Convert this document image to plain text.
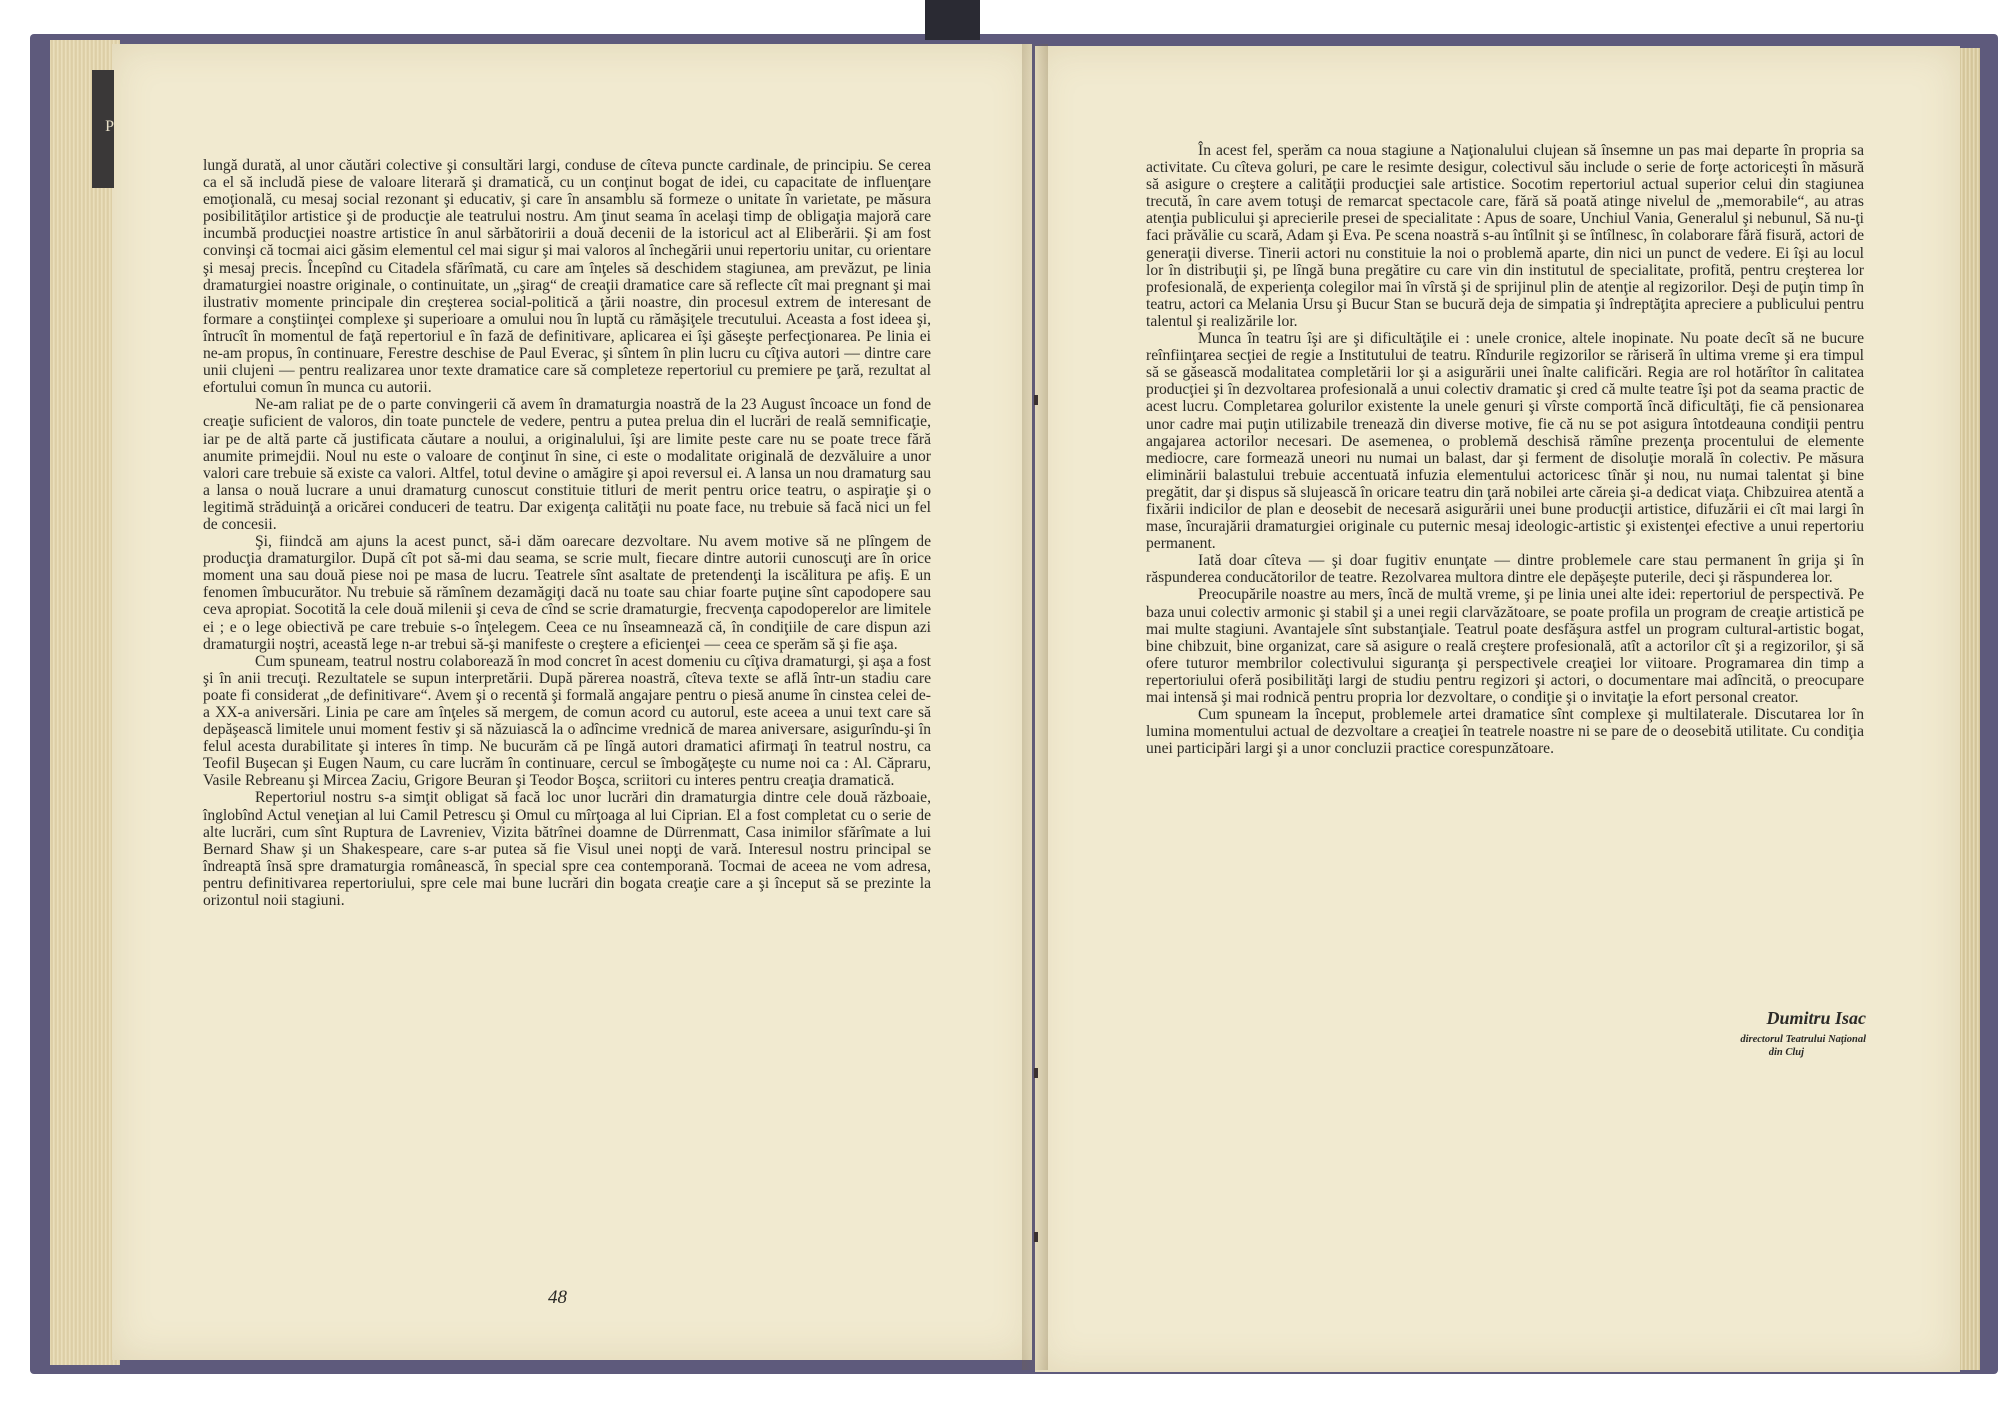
P

lungă durată, al unor căutări colective şi consultări largi, conduse de cîteva puncte cardinale, de principiu. Se cerea ca el să includă piese de valoare literară şi dramatică, cu un conţinut bogat de idei, cu capacitate de influenţare emoţională, cu mesaj social rezonant şi educativ, şi care în ansamblu să formeze o unitate în varietate, pe măsura posibilităţilor artistice şi de producţie ale teatrului nostru. Am ţinut seama în acelaşi timp de obligaţia majoră care incumbă producţiei noastre artistice în anul sărbătoririi a două decenii de la istoricul act al Eliberării. Şi am fost convinşi că tocmai aici găsim elementul cel mai sigur şi mai valoros al închegării unui repertoriu unitar, cu orientare şi mesaj precis. Începînd cu Citadela sfărîmată, cu care am înţeles să deschidem stagiunea, am prevăzut, pe linia dramaturgiei noastre originale, o continuitate, un „şirag“ de creaţii dramatice care să reflecte cît mai pregnant şi mai ilustrativ momente principale din creşterea social-politică a ţării noastre, din procesul extrem de interesant de formare a conştiinţei complexe şi superioare a omului nou în luptă cu rămăşiţele trecutului. Aceasta a fost ideea şi, întrucît în momentul de faţă repertoriul e în fază de definitivare, aplicarea ei îşi găseşte perfecţionarea. Pe linia ei ne-am propus, în continuare, Ferestre deschise de Paul Everac, şi sîntem în plin lucru cu cîţiva autori — dintre care unii clujeni — pentru realizarea unor texte dramatice care să completeze repertoriul cu premiere pe ţară, rezultat al efortului comun în munca cu autorii.

Ne-am raliat pe de o parte convingerii că avem în dramaturgia noastră de la 23 August încoace un fond de creaţie suficient de valoros, din toate punctele de vedere, pentru a putea prelua din el lucrări de reală semnificaţie, iar pe de altă parte că justificata căutare a noului, a originalului, îşi are limite peste care nu se poate trece fără anumite primejdii. Noul nu este o valoare de conţinut în sine, ci este o modalitate originală de dezvăluire a unor valori care trebuie să existe ca valori. Altfel, totul devine o amăgire şi apoi reversul ei. A lansa un nou dramaturg sau a lansa o nouă lucrare a unui dramaturg cunoscut constituie titluri de merit pentru orice teatru, o aspiraţie şi o legitimă străduinţă a oricărei conduceri de teatru. Dar exigenţa calităţii nu poate face, nu trebuie să facă nici un fel de concesii.

Şi, fiindcă am ajuns la acest punct, să-i dăm oarecare dezvoltare. Nu avem motive să ne plîngem de producţia dramaturgilor. După cît pot să-mi dau seama, se scrie mult, fiecare dintre autorii cunoscuţi are în orice moment una sau două piese noi pe masa de lucru. Teatrele sînt asaltate de pretendenţi la iscălitura pe afiş. E un fenomen îmbucurător. Nu trebuie să rămînem dezamăgiţi dacă nu toate sau chiar foarte puţine sînt capodopere sau ceva apropiat. Socotită la cele două milenii şi ceva de cînd se scrie dramaturgie, frecvenţa capodoperelor are limitele ei ; e o lege obiectivă pe care trebuie s-o înţelegem. Ceea ce nu înseamnează că, în condiţiile de care dispun azi dramaturgii noştri, această lege n-ar trebui să-şi manifeste o creştere a eficienţei — ceea ce sperăm să şi fie aşa.

Cum spuneam, teatrul nostru colaborează în mod concret în acest domeniu cu cîţiva dramaturgi, şi aşa a fost şi în anii trecuţi. Rezultatele se supun interpretării. După părerea noastră, cîteva texte se află într-un stadiu care poate fi considerat „de definitivare“. Avem şi o recentă şi formală angajare pentru o piesă anume în cinstea celei de-a XX-a aniversări. Linia pe care am înţeles să mergem, de comun acord cu autorul, este aceea a unui text care să depăşească limitele unui moment festiv şi să năzuiască la o adîncime vrednică de marea aniversare, asigurîndu-şi în felul acesta durabilitate şi interes în timp. Ne bucurăm că pe lîngă autori dramatici afirmaţi în teatrul nostru, ca Teofil Buşecan şi Eugen Naum, cu care lucrăm în continuare, cercul se îmbogăţeşte cu nume noi ca : Al. Căpraru, Vasile Rebreanu şi Mircea Zaciu, Grigore Beuran şi Teodor Boşca, scriitori cu interes pentru creaţia dramatică.

Repertoriul nostru s-a simţit obligat să facă loc unor lucrări din dramaturgia dintre cele două războaie, înglobînd Actul veneţian al lui Camil Petrescu şi Omul cu mîrţoaga al lui Ciprian. El a fost completat cu o serie de alte lucrări, cum sînt Ruptura de Lavreniev, Vizita bătrînei doamne de Dürrenmatt, Casa inimilor sfărîmate a lui Bernard Shaw şi un Shakespeare, care s-ar putea să fie Visul unei nopţi de vară. Interesul nostru principal se îndreaptă însă spre dramaturgia românească, în special spre cea contemporană. Tocmai de aceea ne vom adresa, pentru definitivarea repertoriului, spre cele mai bune lucrări din bogata creaţie care a şi început să se prezinte la orizontul noii stagiuni.

48

În acest fel, sperăm ca noua stagiune a Naţionalului clujean să însemne un pas mai departe în propria sa activitate. Cu cîteva goluri, pe care le resimte desigur, colectivul său include o serie de forţe actoriceşti în măsură să asigure o creştere a calităţii producţiei sale artistice. Socotim repertoriul actual superior celui din stagiunea trecută, în care avem totuşi de remarcat spectacole care, fără să poată atinge nivelul de „memorabile“, au atras atenţia publicului şi aprecierile presei de specialitate : Apus de soare, Unchiul Vania, Generalul şi nebunul, Să nu-ţi faci prăvălie cu scară, Adam şi Eva. Pe scena noastră s-au întîlnit şi se întîlnesc, în colaborare fără fisură, actori de generaţii diverse. Tinerii actori nu constituie la noi o problemă aparte, din nici un punct de vedere. Ei îşi au locul lor în distribuţii şi, pe lîngă buna pregătire cu care vin din institutul de specialitate, profită, pentru creşterea lor profesională, de experienţa colegilor mai în vîrstă şi de sprijinul plin de atenţie al regizorilor. Deşi de puţin timp în teatru, actori ca Melania Ursu şi Bucur Stan se bucură deja de simpatia şi îndreptăţita apreciere a publicului pentru talentul şi realizările lor.

Munca în teatru îşi are şi dificultăţile ei : unele cronice, altele inopinate. Nu poate decît să ne bucure reînfiinţarea secţiei de regie a Institutului de teatru. Rîndurile regizorilor se răriseră în ultima vreme şi era timpul să se găsească modalitatea completării lor şi a asigurării unei înalte calificări. Regia are rol hotărîtor în calitatea producţiei şi în dezvoltarea profesională a unui colectiv dramatic şi cred că multe teatre îşi pot da seama practic de acest lucru. Completarea golurilor existente la unele genuri şi vîrste comportă încă dificultăţi, fie că pensionarea unor cadre mai puţin utilizabile trenează din diverse motive, fie că nu se pot asigura întotdeauna condiţii pentru angajarea actorilor necesari. De asemenea, o problemă deschisă rămîne prezenţa procentului de elemente mediocre, care formează uneori nu numai un balast, dar şi ferment de disoluţie morală în colectiv. Pe măsura eliminării balastului trebuie accentuată infuzia elementului actoricesc tînăr şi nou, nu numai talentat şi bine pregătit, dar şi dispus să slujească în oricare teatru din ţară nobilei arte căreia şi-a dedicat viaţa. Chibzuirea atentă a fixării indicilor de plan e deosebit de necesară asigurării unei bune producţii artistice, difuzării ei cît mai largi în mase, încurajării dramaturgiei originale cu puternic mesaj ideologic-artistic şi existenţei efective a unui repertoriu permanent.

Iată doar cîteva — şi doar fugitiv enunţate — dintre problemele care stau permanent în grija şi în răspunderea conducătorilor de teatre. Rezolvarea multora dintre ele depăşeşte puterile, deci şi răspunderea lor.

Preocupările noastre au mers, încă de multă vreme, şi pe linia unei alte idei: repertoriul de perspectivă. Pe baza unui colectiv armonic şi stabil şi a unei regii clarvăzătoare, se poate profila un program de creaţie artistică pe mai multe stagiuni. Avantajele sînt substanţiale. Teatrul poate desfăşura astfel un program cultural-artistic bogat, bine chibzuit, bine organizat, care să asigure o reală creştere profesională, atît a actorilor cît şi a regizorilor, şi să ofere tuturor membrilor colectivului siguranţa şi perspectivele creaţiei lor viitoare. Programarea din timp a repertoriului oferă posibilităţi largi de studiu pentru regizori şi actori, o documentare mai adîncită, o preocupare mai intensă şi mai rodnică pentru propria lor dezvoltare, o condiţie şi o invitaţie la efort personal creator.

Cum spuneam la început, problemele artei dramatice sînt complexe şi multilaterale. Discutarea lor în lumina momentului actual de dezvoltare a creaţiei în teatrele noastre ni se pare de o deosebită utilitate. Cu condiţia unei participări largi şi a unor concluzii practice corespunzătoare.

Dumitru Isac
directorul Teatrului Naţional
din Cluj
